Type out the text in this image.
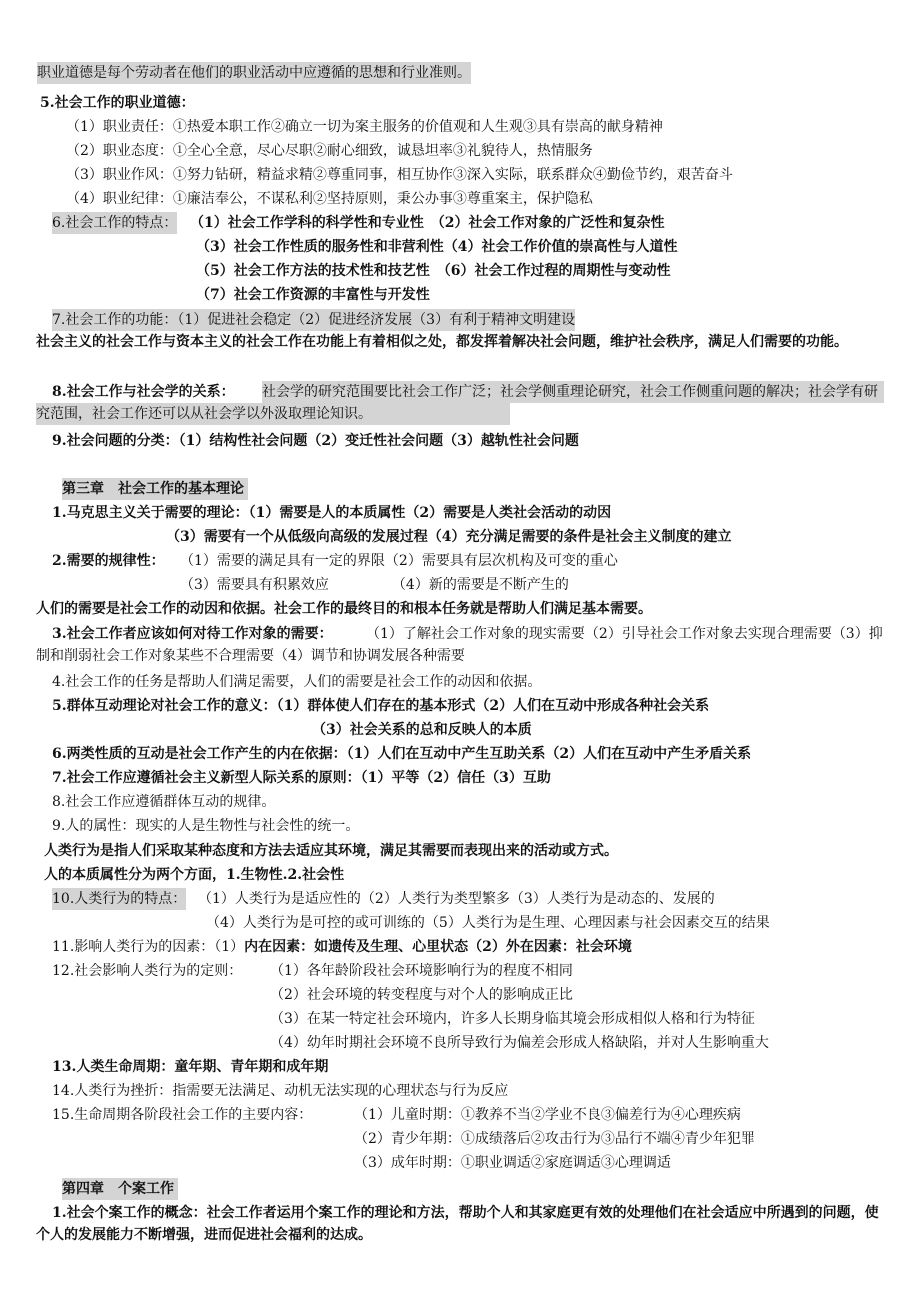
职业道德是每个劳动者在他们的职业活动中应遵循的思想和行业准则。
5.社会工作的职业道德：
（1）职业责任：①热爱本职工作②确立一切为案主服务的价值观和人生观③具有崇高的献身精神
（2）职业态度：①全心全意，尽心尽职②耐心细致，诚恳坦率③礼貌待人，热情服务
（3）职业作风：①努力钻研，精益求精②尊重同事，相互协作③深入实际，联系群众④勤俭节约，艰苦奋斗
（4）职业纪律：①廉洁奉公，不谋私利②坚持原则，秉公办事③尊重案主，保护隐私
6.社会工作的特点： （1）社会工作学科的科学性和专业性　（2）社会工作对象的广泛性和复杂性
（3）社会工作性质的服务性和非营利性（4）社会工作价值的崇高性与人道性
（5）社会工作方法的技术性和技艺性　（6）社会工作过程的周期性与变动性
（7）社会工作资源的丰富性与开发性
7.社会工作的功能：（1）促进社会稳定（2）促进经济发展（3）有利于精神文明建设
社会主义的社会工作与资本主义的社会工作在功能上有着相似之处，都发挥着解决社会问题，维护社会秩序，满足人们需要的功能。
8.社会工作与社会学的关系：	社会学的研究范围要比社会工作广泛；社会学侧重理论研究，社会工作侧重问题的解决；社会学有研究范围，社会工作还可以从社会学以外汲取理论知识。
9.社会问题的分类：（1）结构性社会问题（2）变迁性社会问题（3）越轨性社会问题
第三章　社会工作的基本理论
1.马克思主义关于需要的理论：（1）需要是人的本质属性（2）需要是人类社会活动的动因
（3）需要有一个从低级向高级的发展过程（4）充分满足需要的条件是社会主义制度的建立
2.需要的规律性： （1）需要的满足具有一定的界限（2）需要具有层次机构及可变的重心
（3）需要具有积累效应　　　　　（4）新的需要是不断产生的
人们的需要是社会工作的动因和依据。社会工作的最终目的和根本任务就是帮助人们满足基本需要。
3.社会工作者应该如何对待工作对象的需要：	（1）了解社会工作对象的现实需要（2）引导社会工作对象去实现合理需要（3）抑制和削弱社会工作对象某些不合理需要（4）调节和协调发展各种需要
4.社会工作的任务是帮助人们满足需要，人们的需要是社会工作的动因和依据。
5.群体互动理论对社会工作的意义：（1）群体使人们存在的基本形式（2）人们在互动中形成各种社会关系
（3）社会关系的总和反映人的本质
6.两类性质的互动是社会工作产生的内在依据：（1）人们在互动中产生互助关系（2）人们在互动中产生矛盾关系
7.社会工作应遵循社会主义新型人际关系的原则：（1）平等（2）信任（3）互助
8.社会工作应遵循群体互动的规律。
9.人的属性：现实的人是生物性与社会性的统一。
人类行为是指人们采取某种态度和方法去适应其环境，满足其需要而表现出来的活动或方式。
人的本质属性分为两个方面，1.生物性.2.社会性
10.人类行为的特点： （1）人类行为是适应性的（2）人类行为类型繁多（3）人类行为是动态的、发展的
（4）人类行为是可控的或可训练的（5）人类行为是生理、心理因素与社会因素交互的结果
11.影响人类行为的因素：（1）内在因素：如遗传及生理、心里状态（2）外在因素：社会环境
12.社会影响人类行为的定则： （1）各年龄阶段社会环境影响行为的程度不相同
（2）社会环境的转变程度与对个人的影响成正比
（3）在某一特定社会环境内，许多人长期身临其境会形成相似人格和行为特征
（4）幼年时期社会环境不良所导致行为偏差会形成人格缺陷，并对人生影响重大
13.人类生命周期：童年期、青年期和成年期
14.人类行为挫折：指需要无法满足、动机无法实现的心理状态与行为反应
15.生命周期各阶段社会工作的主要内容：	（1）儿童时期：①教养不当②学业不良③偏差行为④心理疾病
（2）青少年期：①成绩落后②攻击行为③品行不端④青少年犯罪
（3）成年时期：①职业调适②家庭调适③心理调适
第四章　个案工作
1.社会个案工作的概念：社会工作者运用个案工作的理论和方法，帮助个人和其家庭更有效的处理他们在社会适应中所遇到的问题，使个人的发展能力不断增强，进而促进社会福利的达成。
